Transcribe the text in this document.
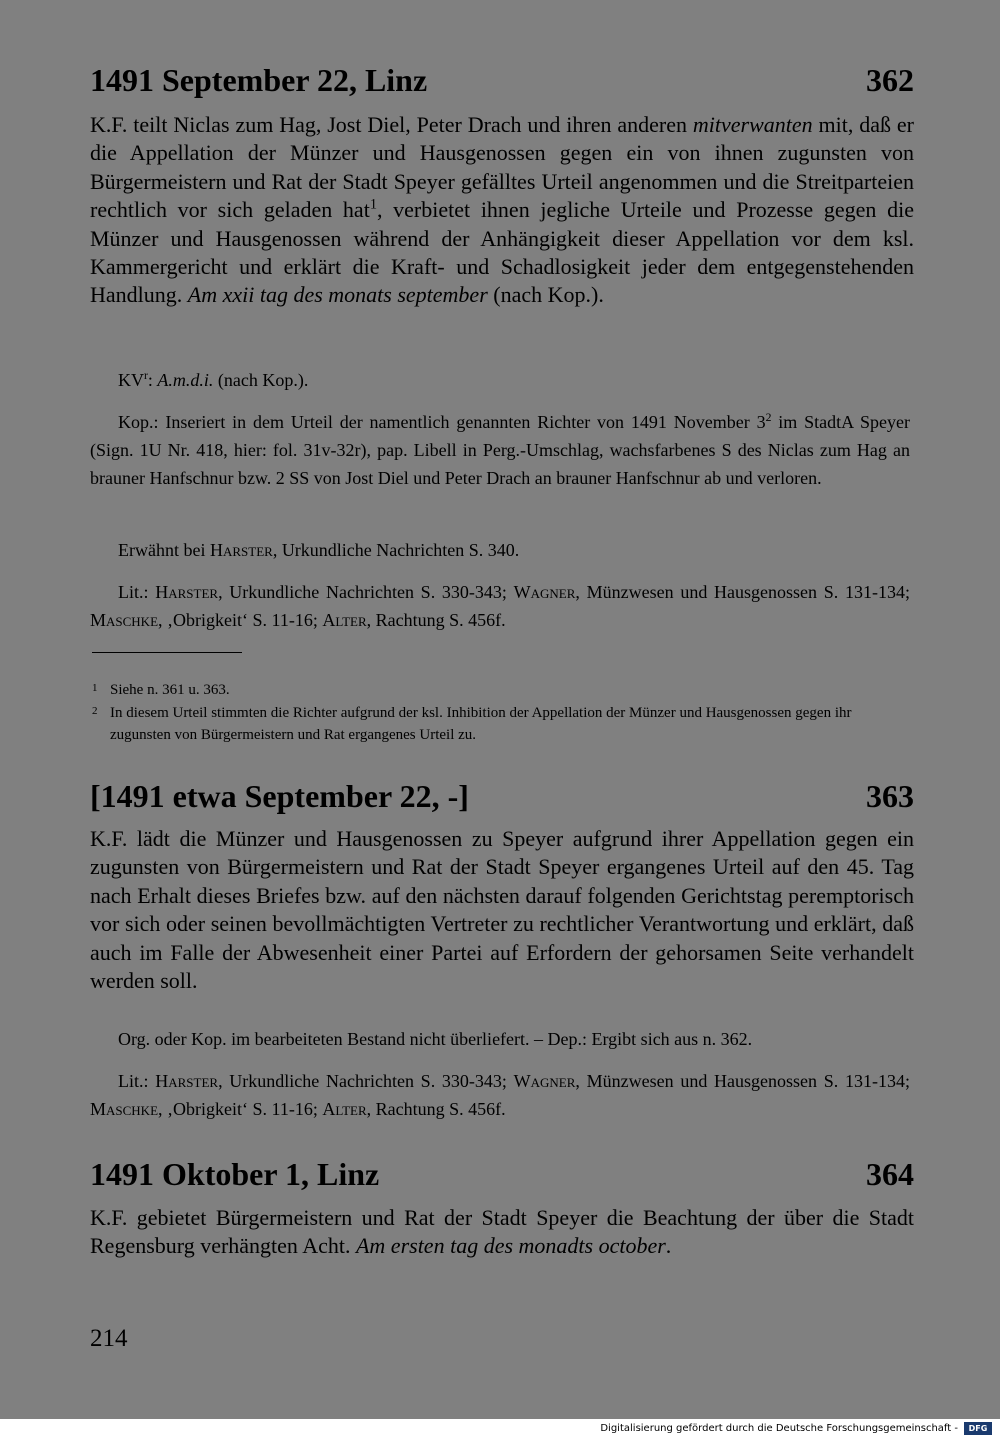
1491 September 22, Linz	362
K.F. teilt Niclas zum Hag, Jost Diel, Peter Drach und ihren anderen mitverwanten mit, daß er die Appellation der Münzer und Hausgenossen gegen ein von ihnen zugunsten von Bürgermeistern und Rat der Stadt Speyer gefälltes Urteil angenommen und die Streitparteien rechtlich vor sich geladen hat$^1$, verbietet ihnen jegliche Urteile und Prozesse gegen die Münzer und Hausgenossen während der Anhängigkeit dieser Appellation vor dem ksl. Kammergericht und erklärt die Kraft- und Schadlosigkeit jeder dem entgegenstehenden Handlung. Am xxii tag des monats september (nach Kop.).
$KV^r$: A.m.d.i. (nach Kop.).
Kop.: Inseriert in dem Urteil der namentlich genannten Richter von 1491 November $3^2$ im StadtA Speyer (Sign. 1U Nr. 418, hier: fol. 31v-32r), pap. Libell in Perg.-Umschlag, wachsfarbenes S des Niclas zum Hag an brauner Hanfschnur bzw. 2 SS von Jost Diel und Peter Drach an brauner Hanfschnur ab und verloren.
Erwähnt bei Harster, Urkundliche Nachrichten S. 340.
Lit.: Harster, Urkundliche Nachrichten S. 330-343; Wagner, Münzwesen und Hausgenossen S. 131-134; Maschke, ‚Obrigkeit‘ S. 11-16; Alter, Rachtung S. 456f.
1 Siehe n. 361 u. 363.
2 In diesem Urteil stimmten die Richter aufgrund der ksl. Inhibition der Appellation der Münzer und Hausgenossen gegen ihr zugunsten von Bürgermeistern und Rat ergangenes Urteil zu.
[1491 etwa September 22, -]	363
K.F. lädt die Münzer und Hausgenossen zu Speyer aufgrund ihrer Appellation gegen ein zugunsten von Bürgermeistern und Rat der Stadt Speyer ergangenes Urteil auf den 45. Tag nach Erhalt dieses Briefes bzw. auf den nächsten darauf folgenden Gerichtstag peremptorisch vor sich oder seinen bevollmächtigten Vertreter zu rechtlicher Verantwortung und erklärt, daß auch im Falle der Abwesenheit einer Partei auf Erfordern der gehorsamen Seite verhandelt werden soll.
Org. oder Kop. im bearbeiteten Bestand nicht überliefert. – Dep.: Ergibt sich aus n. 362.
Lit.: Harster, Urkundliche Nachrichten S. 330-343; Wagner, Münzwesen und Hausgenossen S. 131-134; Maschke, ‚Obrigkeit‘ S. 11-16; Alter, Rachtung S. 456f.
1491 Oktober 1, Linz	364
K.F. gebietet Bürgermeistern und Rat der Stadt Speyer die Beachtung der über die Stadt Regensburg verhängten Acht. Am ersten tag des monadts october.
214
Digitalisierung gefördert durch die Deutsche Forschungsgemeinschaft -	DFG
